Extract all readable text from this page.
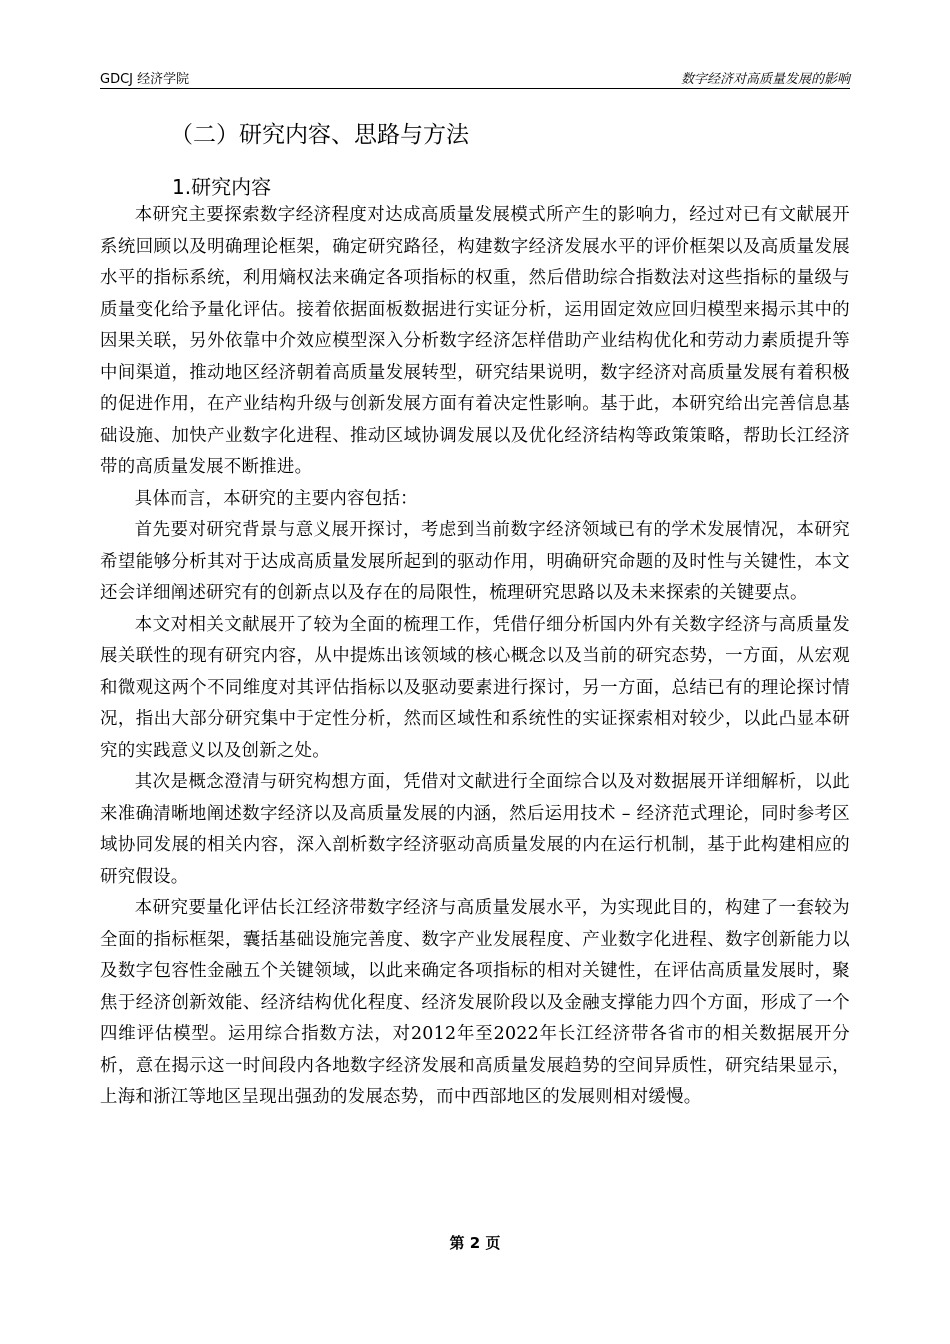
GDCJ 经济学院	数字经济对高质量发展的影响
（二）研究内容、思路与方法
1.研究内容

本研究主要探索数字经济程度对达成高质量发展模式所产生的影响力，经过对已有文献展开系统回顾以及明确理论框架，确定研究路径，构建数字经济发展水平的评价框架以及高质量发展水平的指标系统，利用熵权法来确定各项指标的权重，然后借助综合指数法对这些指标的量级与质量变化给予量化评估。接着依据面板数据进行实证分析，运用固定效应回归模型来揭示其中的因果关联，另外依靠中介效应模型深入分析数字经济怎样借助产业结构优化和劳动力素质提升等中间渠道，推动地区经济朝着高质量发展转型，研究结果说明，数字经济对高质量发展有着积极的促进作用，在产业结构升级与创新发展方面有着决定性影响。基于此，本研究给出完善信息基础设施、加快产业数字化进程、推动区域协调发展以及优化经济结构等政策策略，帮助长江经济带的高质量发展不断推进。

具体而言，本研究的主要内容包括：

首先要对研究背景与意义展开探讨，考虑到当前数字经济领域已有的学术发展情况，本研究希望能够分析其对于达成高质量发展所起到的驱动作用，明确研究命题的及时性与关键性，本文还会详细阐述研究有的创新点以及存在的局限性，梳理研究思路以及未来探索的关键要点。

本文对相关文献展开了较为全面的梳理工作，凭借仔细分析国内外有关数字经济与高质量发展关联性的现有研究内容，从中提炼出该领域的核心概念以及当前的研究态势，一方面，从宏观和微观这两个不同维度对其评估指标以及驱动要素进行探讨，另一方面，总结已有的理论探讨情况，指出大部分研究集中于定性分析，然而区域性和系统性的实证探索相对较少，以此凸显本研究的实践意义以及创新之处。

其次是概念澄清与研究构想方面，凭借对文献进行全面综合以及对数据展开详细解析，以此来准确清晰地阐述数字经济以及高质量发展的内涵，然后运用技术 – 经济范式理论，同时参考区域协同发展的相关内容，深入剖析数字经济驱动高质量发展的内在运行机制，基于此构建相应的研究假设。

本研究要量化评估长江经济带数字经济与高质量发展水平，为实现此目的，构建了一套较为全面的指标框架，囊括基础设施完善度、数字产业发展程度、产业数字化进程、数字创新能力以及数字包容性金融五个关键领域，以此来确定各项指标的相对关键性，在评估高质量发展时，聚焦于经济创新效能、经济结构优化程度、经济发展阶段以及金融支撑能力四个方面，形成了一个四维评估模型。运用综合指数方法，对2012年至2022年长江经济带各省市的相关数据展开分析，意在揭示这一时间段内各地数字经济发展和高质量发展趋势的空间异质性，研究结果显示，上海和浙江等地区呈现出强劲的发展态势，而中西部地区的发展则相对缓慢。

第 2 页
